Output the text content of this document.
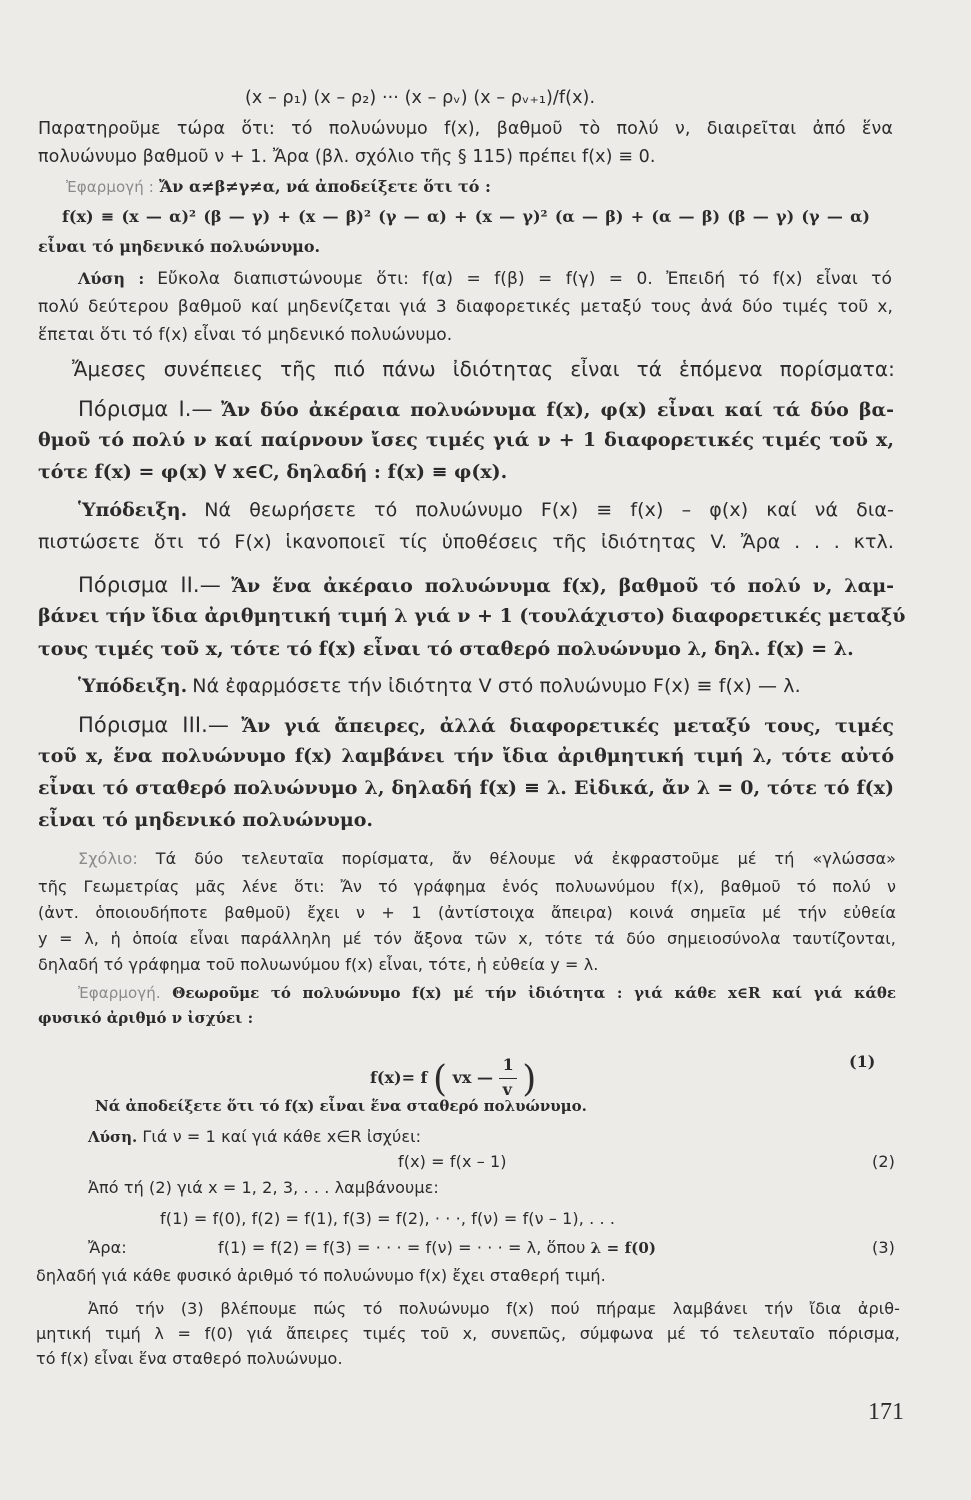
(x – ρ₁) (x – ρ₂) ··· (x – ρᵥ) (x – ρᵥ₊₁)/f(x).
Παρατηροῦμε τώρα ὅτι: τό πολυώνυμο f(x), βαθμοῦ τὸ πολύ ν, διαιρεῖται ἀπό ἕνα
πολυώνυμο βαθμοῦ ν + 1. Ἄρα (βλ. σχόλιο τῆς § 115) πρέπει f(x) ≡ 0.
Ἐφαρμογή : Ἄν α≠β≠γ≠α, νά ἀποδείξετε ὅτι τό :
f(x) ≡ (x — α)² (β — γ) + (x — β)² (γ — α) + (x — γ)² (α — β) + (α — β) (β — γ) (γ — α)
εἶναι τό μηδενικό πολυώνυμο.
Λύση : Εὔκολα διαπιστώνουμε ὅτι: f(α) = f(β) = f(γ) = 0. Ἐπειδή τό f(x) εἶναι τό
πολύ δεύτερου βαθμοῦ καί μηδενίζεται γιά 3 διαφορετικές μεταξύ τους ἀνά δύο τιμές τοῦ x,
ἕπεται ὅτι τό f(x) εἶναι τό μηδενικό πολυώνυμο.
Ἄμεσες συνέπειες τῆς πιό πάνω ἰδιότητας εἶναι τά ἑπόμενα πορίσματα:
Πόρισμα Ι.— Ἄν δύο ἀκέραια πολυώνυμα f(x), φ(x) εἶναι καί τά δύο βα-
θμοῦ τό πολύ ν καί παίρνουν ἴσες τιμές γιά ν + 1 διαφορετικές τιμές τοῦ x,
τότε f(x) = φ(x) ∀ x∈C, δηλαδή : f(x) ≡ φ(x).
Ὑπόδειξη. Νά θεωρήσετε τό πολυώνυμο F(x) ≡ f(x) – φ(x) καί νά δια-
πιστώσετε ὅτι τό F(x) ἱκανοποιεῖ τίς ὑποθέσεις τῆς ἰδιότητας V. Ἄρα . . . κτλ.
Πόρισμα ΙΙ.— Ἄν ἕνα ἀκέραιο πολυώνυμα f(x), βαθμοῦ τό πολύ ν, λαμ-
βάνει τήν ἴδια ἀριθμητική τιμή λ γιά ν + 1 (τουλάχιστο) διαφορετικές μεταξύ
τους τιμές τοῦ x, τότε τό f(x) εἶναι τό σταθερό πολυώνυμο λ, δηλ. f(x) = λ.
Ὑπόδειξη. Νά ἐφαρμόσετε τήν ἰδιότητα V στό πολυώνυμο F(x) ≡ f(x) — λ.
Πόρισμα ΙΙΙ.— Ἄν γιά ἄπειρες, ἀλλά διαφορετικές μεταξύ τους, τιμές
τοῦ x, ἕνα πολυώνυμο f(x) λαμβάνει τήν ἴδια ἀριθμητική τιμή λ, τότε αὐτό
εἶναι τό σταθερό πολυώνυμο λ, δηλαδή f(x) ≡ λ. Εἰδικά, ἄν λ = 0, τότε τό f(x)
εἶναι τό μηδενικό πολυώνυμο.
Σχόλιο: Τά δύο τελευταῖα πορίσματα, ἄν θέλουμε νά ἐκφραστοῦμε μέ τή «γλώσσα»
τῆς Γεωμετρίας μᾶς λένε ὅτι: Ἄν τό γράφημα ἑνός πολυωνύμου f(x), βαθμοῦ τό πολύ ν
(ἀντ. ὁποιουδήποτε βαθμοῦ) ἔχει ν + 1 (ἀντίστοιχα ἄπειρα) κοινά σημεῖα μέ τήν εὐθεία
y = λ, ἡ ὁποία εἶναι παράλληλη μέ τόν ἄξονα τῶν x, τότε τά δύο σημειοσύνολα ταυτίζονται,
δηλαδή τό γράφημα τοῦ πολυωνύμου f(x) εἶναι, τότε, ἡ εὐθεία y = λ.
Ἐφαρμογή. Θεωροῦμε τό πολυώνυμο f(x) μέ τήν ἰδιότητα : γιά κάθε x∈R καί γιά κάθε
φυσικό ἀριθμό ν ἰσχύει :
f(x)= f ( vx — $\frac{1}{v}$ )	(1)
Νά ἀποδείξετε ὅτι τό f(x) εἶναι ἕνα σταθερό πολυώνυμο.
Λύση. Γιά ν = 1 καί γιά κάθε x∈R ἰσχύει:
f(x) = f(x – 1)	(2)
Ἀπό τή (2) γιά x = 1, 2, 3, . . . λαμβάνουμε:
f(1) = f(0), f(2) = f(1), f(3) = f(2), · · ·, f(ν) = f(ν – 1), . . .
Ἄρα:	f(1) = f(2) = f(3) = · · · = f(ν) = · · · = λ, ὅπου λ = f(0)	(3)
δηλαδή γιά κάθε φυσικό ἀριθμό τό πολυώνυμο f(x) ἔχει σταθερή τιμή.
Ἀπό τήν (3) βλέπουμε πώς τό πολυώνυμο f(x) πού πήραμε λαμβάνει τήν ἴδια ἀριθ-
μητική τιμή λ = f(0) γιά ἄπειρες τιμές τοῦ x, συνεπῶς, σύμφωνα μέ τό τελευταῖο πόρισμα,
τό f(x) εἶναι ἕνα σταθερό πολυώνυμο.
171
